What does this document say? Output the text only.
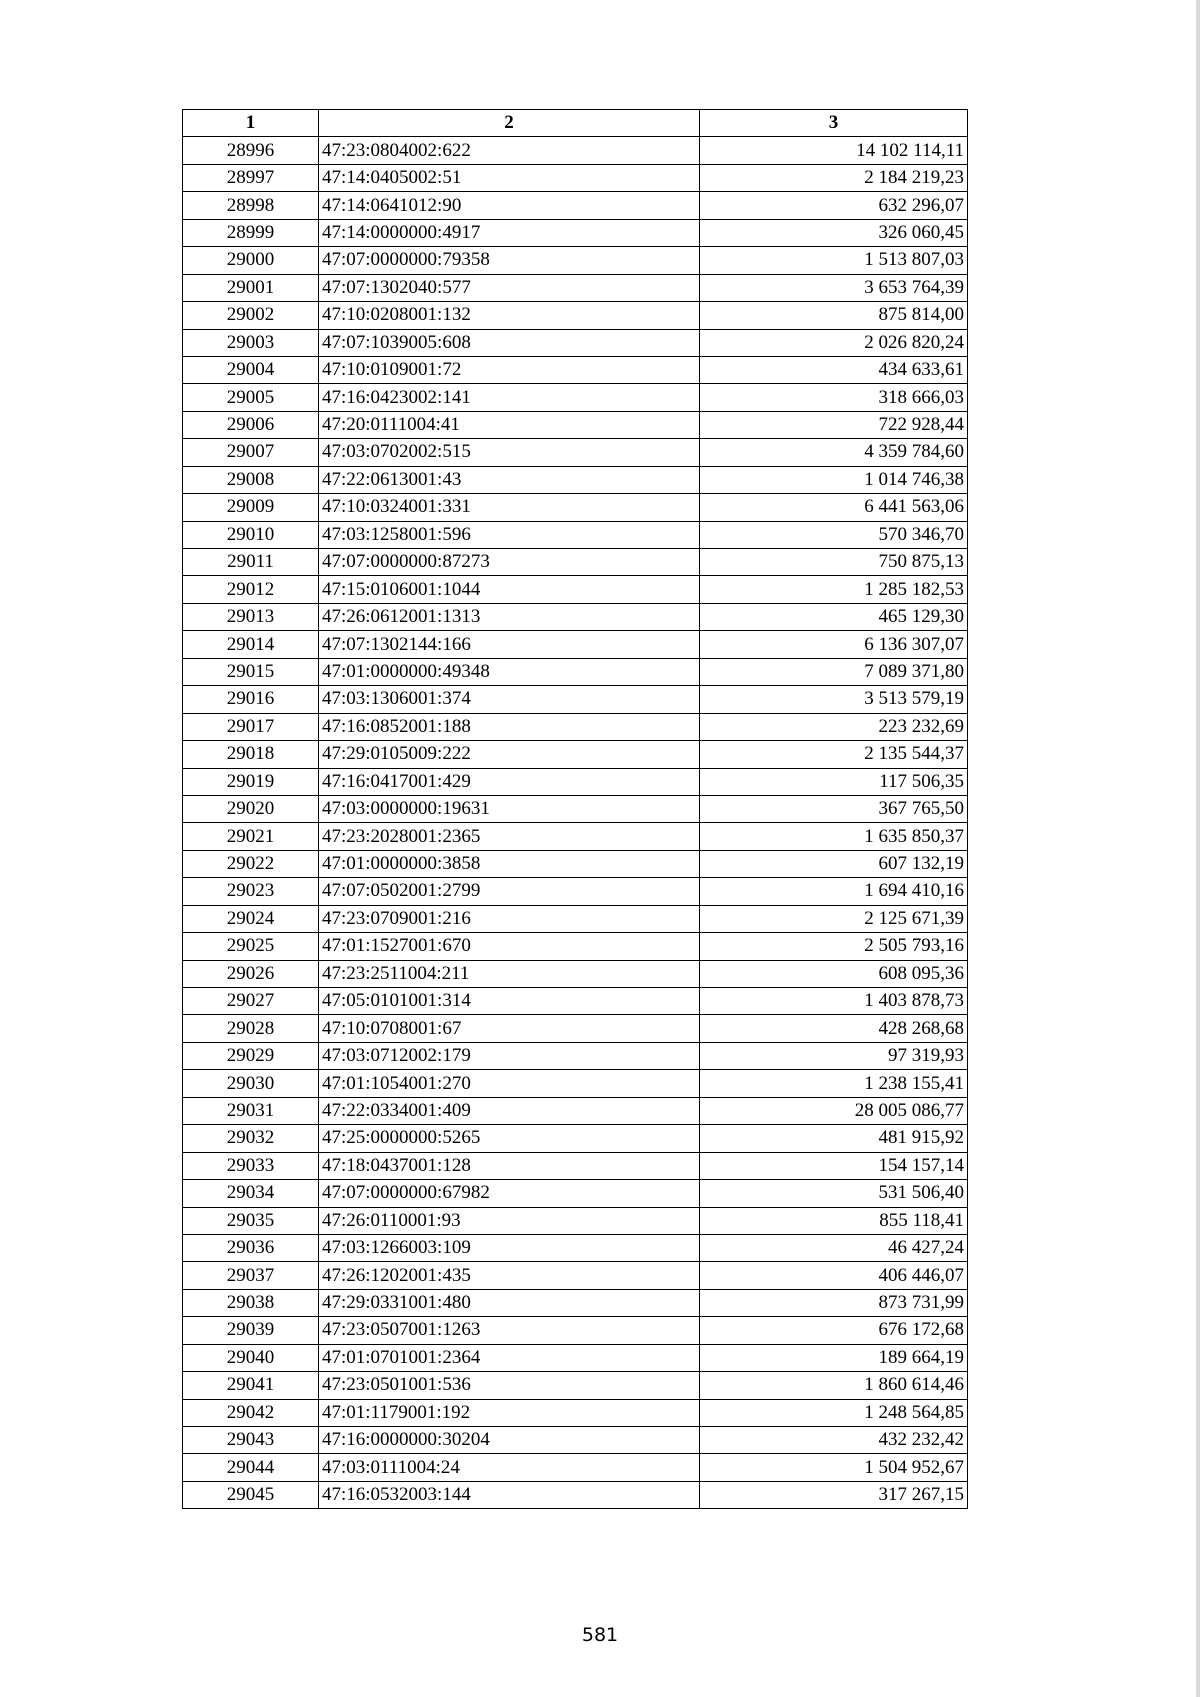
1	2	3
28996	47:23:0804002:622	14 102 114,11
28997	47:14:0405002:51	2 184 219,23
28998	47:14:0641012:90	632 296,07
28999	47:14:0000000:4917	326 060,45
29000	47:07:0000000:79358	1 513 807,03
29001	47:07:1302040:577	3 653 764,39
29002	47:10:0208001:132	875 814,00
29003	47:07:1039005:608	2 026 820,24
29004	47:10:0109001:72	434 633,61
29005	47:16:0423002:141	318 666,03
29006	47:20:0111004:41	722 928,44
29007	47:03:0702002:515	4 359 784,60
29008	47:22:0613001:43	1 014 746,38
29009	47:10:0324001:331	6 441 563,06
29010	47:03:1258001:596	570 346,70
29011	47:07:0000000:87273	750 875,13
29012	47:15:0106001:1044	1 285 182,53
29013	47:26:0612001:1313	465 129,30
29014	47:07:1302144:166	6 136 307,07
29015	47:01:0000000:49348	7 089 371,80
29016	47:03:1306001:374	3 513 579,19
29017	47:16:0852001:188	223 232,69
29018	47:29:0105009:222	2 135 544,37
29019	47:16:0417001:429	117 506,35
29020	47:03:0000000:19631	367 765,50
29021	47:23:2028001:2365	1 635 850,37
29022	47:01:0000000:3858	607 132,19
29023	47:07:0502001:2799	1 694 410,16
29024	47:23:0709001:216	2 125 671,39
29025	47:01:1527001:670	2 505 793,16
29026	47:23:2511004:211	608 095,36
29027	47:05:0101001:314	1 403 878,73
29028	47:10:0708001:67	428 268,68
29029	47:03:0712002:179	97 319,93
29030	47:01:1054001:270	1 238 155,41
29031	47:22:0334001:409	28 005 086,77
29032	47:25:0000000:5265	481 915,92
29033	47:18:0437001:128	154 157,14
29034	47:07:0000000:67982	531 506,40
29035	47:26:0110001:93	855 118,41
29036	47:03:1266003:109	46 427,24
29037	47:26:1202001:435	406 446,07
29038	47:29:0331001:480	873 731,99
29039	47:23:0507001:1263	676 172,68
29040	47:01:0701001:2364	189 664,19
29041	47:23:0501001:536	1 860 614,46
29042	47:01:1179001:192	1 248 564,85
29043	47:16:0000000:30204	432 232,42
29044	47:03:0111004:24	1 504 952,67
29045	47:16:0532003:144	317 267,15
581
